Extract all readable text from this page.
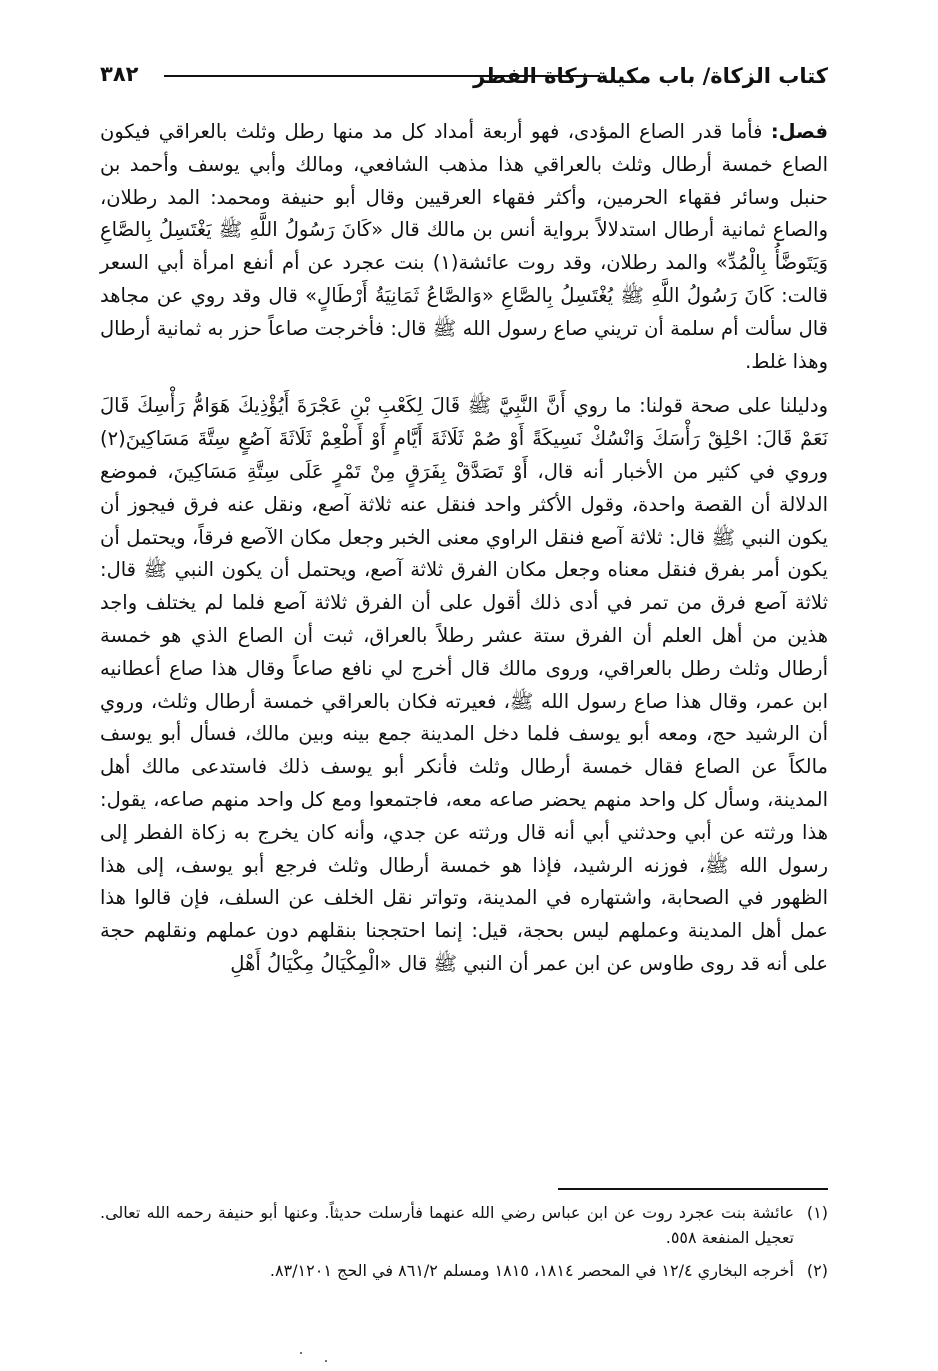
كتاب الزكاة/ باب مكيلة زكاة الفطر
٣٨٢

فصل: فأما قدر الصاع المؤدى، فهو أربعة أمداد كل مد منها رطل وثلث بالعراقي فيكون الصاع خمسة أرطال وثلث بالعراقي هذا مذهب الشافعي، ومالك وأبي يوسف وأحمد بن حنبل وسائر فقهاء الحرمين، وأكثر فقهاء العرقيين وقال أبو حنيفة ومحمد: المد رطلان، والصاع ثمانية أرطال استدلالاً برواية أنس بن مالك قال «كَانَ رَسُولُ اللَّهِ ﷺ يَغْتَسِلُ بِالصَّاعِ وَيَتَوضَّأُ بِالْمُدِّ» والمد رطلان، وقد روت عائشة(١) بنت عجرد عن أم أنفع امرأة أبي السعر قالت: كَانَ رَسُولُ اللَّهِ ﷺ يُغْتَسِلُ بِالصَّاعِ «وَالصَّاعُ ثَمَانِيَةُ أَرْطَالٍ» قال وقد روي عن مجاهد قال سألت أم سلمة أن تريني صاع رسول الله ﷺ قال: فأخرجت صاعاً حزر به ثمانية أرطال وهذا غلط.

ودليلنا على صحة قولنا: ما روي أَنَّ النَّبِيَّ ﷺ قَالَ لِكَعْبِ بْنِ عَجْرَةَ أَيُؤْذِيكَ هَوَامُّ رَأْسِكَ قَالَ نَعَمْ قَالَ: احْلِقْ رَأْسَكَ وَانْسُكْ نَسِيكَةً أَوْ صُمْ ثَلَاثَةَ أَيَّامٍ أَوْ أَطْعِمْ ثَلَاثَةَ آصُعٍ سِتَّةَ مَسَاكِينَ(٢) وروي في كثير من الأخبار أنه قال، أَوْ تَصَدَّقْ بِفَرَقٍ مِنْ تَمْرٍ عَلَى سِتَّةِ مَسَاكِينَ، فموضع الدلالة أن القصة واحدة، وقول الأكثر واحد فنقل عنه ثلاثة آصع، ونقل عنه فرق فيجوز أن يكون النبي ﷺ قال: ثلاثة آصع فنقل الراوي معنى الخبر وجعل مكان الآصع فرقاً، ويحتمل أن يكون أمر بفرق فنقل معناه وجعل مكان الفرق ثلاثة آصع، ويحتمل أن يكون النبي ﷺ قال: ثلاثة آصع فرق من تمر في أدى ذلك أقول على أن الفرق ثلاثة آصع فلما لم يختلف واجد هذين من أهل العلم أن الفرق ستة عشر رطلاً بالعراق، ثبت أن الصاع الذي هو خمسة أرطال وثلث رطل بالعراقي، وروى مالك قال أخرج لي نافع صاعاً وقال هذا صاع أعطانيه ابن عمر، وقال هذا صاع رسول الله ﷺ، فعيرته فكان بالعراقي خمسة أرطال وثلث، وروي أن الرشيد حج، ومعه أبو يوسف فلما دخل المدينة جمع بينه وبين مالك، فسأل أبو يوسف مالكاً عن الصاع فقال خمسة أرطال وثلث فأنكر أبو يوسف ذلك فاستدعى مالك أهل المدينة، وسأل كل واحد منهم يحضر صاعه معه، فاجتمعوا ومع كل واحد منهم صاعه، يقول: هذا ورثته عن أبي وحدثني أبي أنه قال ورثته عن جدي، وأنه كان يخرج به زكاة الفطر إلى رسول الله ﷺ، فوزنه الرشيد، فإذا هو خمسة أرطال وثلث فرجع أبو يوسف، إلى هذا الظهور في الصحابة، واشتهاره في المدينة، وتواتر نقل الخلف عن السلف، فإن قالوا هذا عمل أهل المدينة وعملهم ليس بحجة، قيل: إنما احتججنا بنقلهم دون عملهم ونقلهم حجة على أنه قد روى طاوس عن ابن عمر أن النبي ﷺ قال «الْمِكْيَالُ مِكْيَالُ أَهْلِ

(١)
عائشة بنت عجرد روت عن ابن عباس رضي الله عنهما فأرسلت حديثاً. وعنها أبو حنيفة رحمه الله تعالى. تعجيل المنفعة ٥٥٨.
(٢)
أخرجه البخاري ١٢/٤ في المحصر ١٨١٤، ١٨١٥ ومسلم ٨٦١/٢ في الحج ٨٣/١٢٠١.
